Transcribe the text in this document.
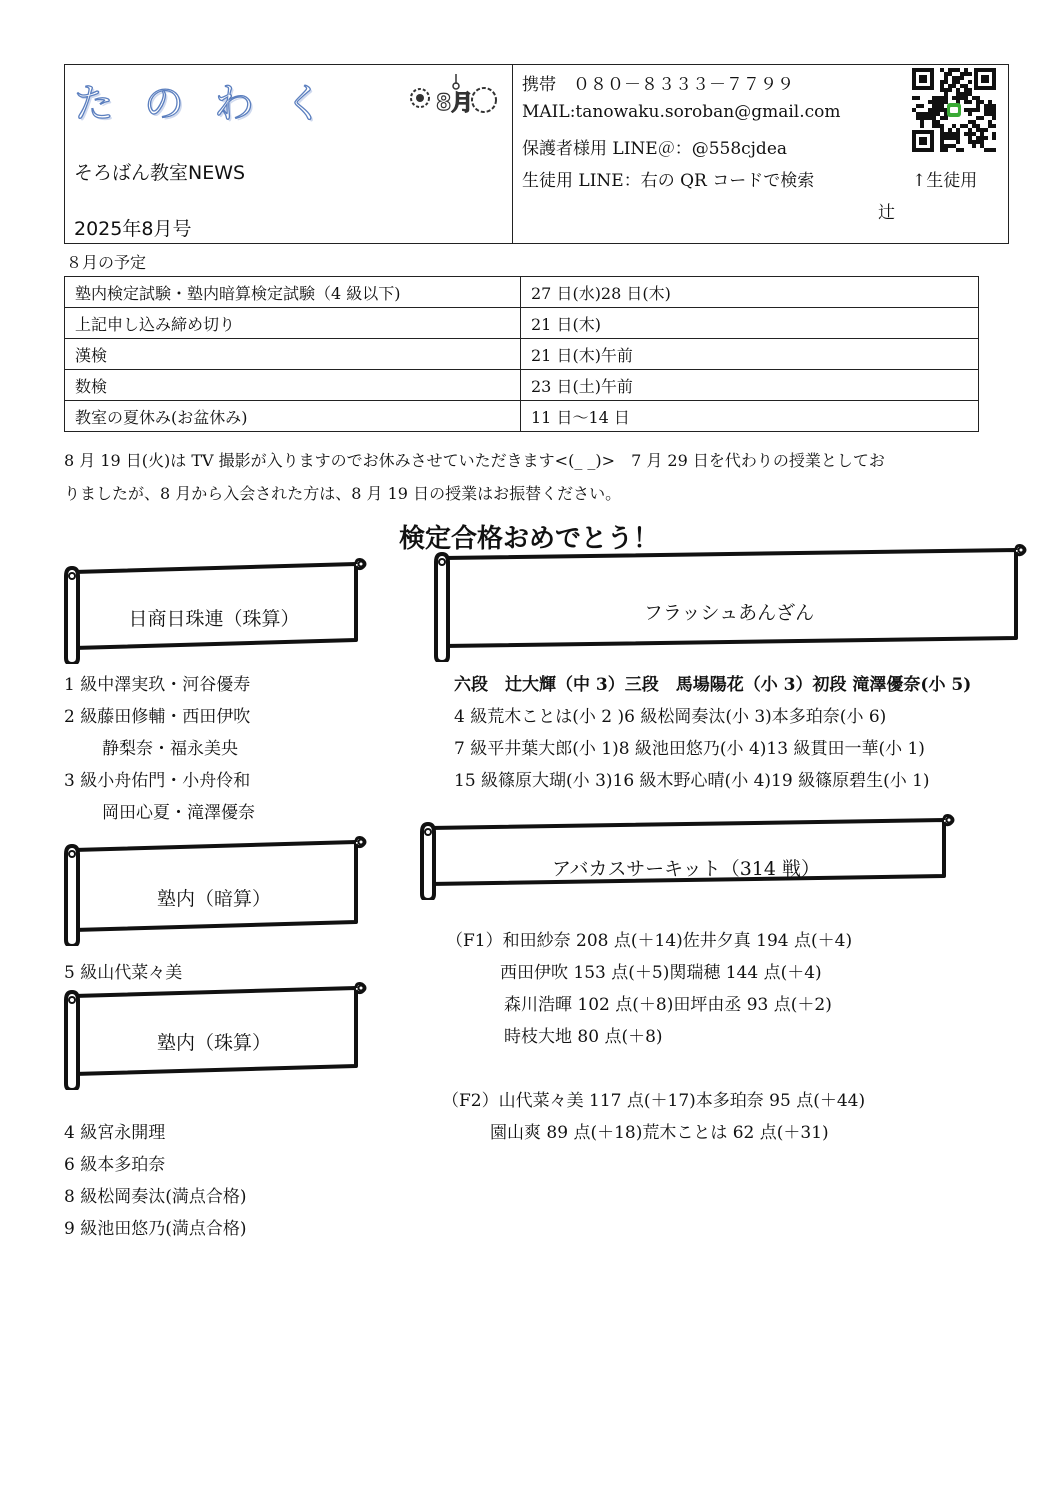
たのわく	8月
そろばん教室NEWS
2025年8月号
携帯　０８０－８３３３－７７９９
MAIL:tanowaku.soroban@gmail.com
保護者様用 LINE＠：@558cjdea
生徒用 LINE：右の QR コードで検索	↑生徒用
辻
８月の予定
塾内検定試験・塾内暗算検定試験（4 級以下)	27 日(水)28 日(木)
上記申し込み締め切り	21 日(木)
漢検	21 日(木)午前
数検	23 日(土)午前
教室の夏休み(お盆休み)	11 日〜14 日
8 月 19 日(火)は TV 撮影が入りますのでお休みさせていただきます<(_ _)>　7 月 29 日を代わりの授業としてお
りましたが、8 月から入会された方は、8 月 19 日の授業はお振替ください。
検定合格おめでとう！
日商日珠連（珠算）
1 級中澤実玖・河谷優寿
2 級藤田修輔・西田伊吹
静梨奈・福永美央
3 級小舟佑門・小舟伶和
岡田心夏・滝澤優奈
塾内（暗算）
5 級山代菜々美
塾内（珠算）
4 級宮永開理
6 級本多珀奈
8 級松岡奏汰(満点合格)
9 級池田悠乃(満点合格)
フラッシュあんざん
六段　辻大輝（中 3）三段　馬場陽花（小 3）初段 滝澤優奈(小 5)
4 級荒木ことは(小 2 )6 級松岡奏汰(小 3)本多珀奈(小 6)
7 級平井葉大郎(小 1)8 級池田悠乃(小 4)13 級貫田一華(小 1)
15 級篠原大瑚(小 3)16 級木野心晴(小 4)19 級篠原碧生(小 1)
アバカスサーキット（314 戦）
（F1）和田紗奈 208 点(＋14)佐井夕真 194 点(＋4)
西田伊吹 153 点(＋5)関瑞穂 144 点(＋4)
森川浩暉 102 点(＋8)田坪由丞 93 点(＋2)
時枝大地 80 点(＋8)
（F2）山代菜々美 117 点(＋17)本多珀奈 95 点(＋44)
園山爽 89 点(＋18)荒木ことは 62 点(＋31)
